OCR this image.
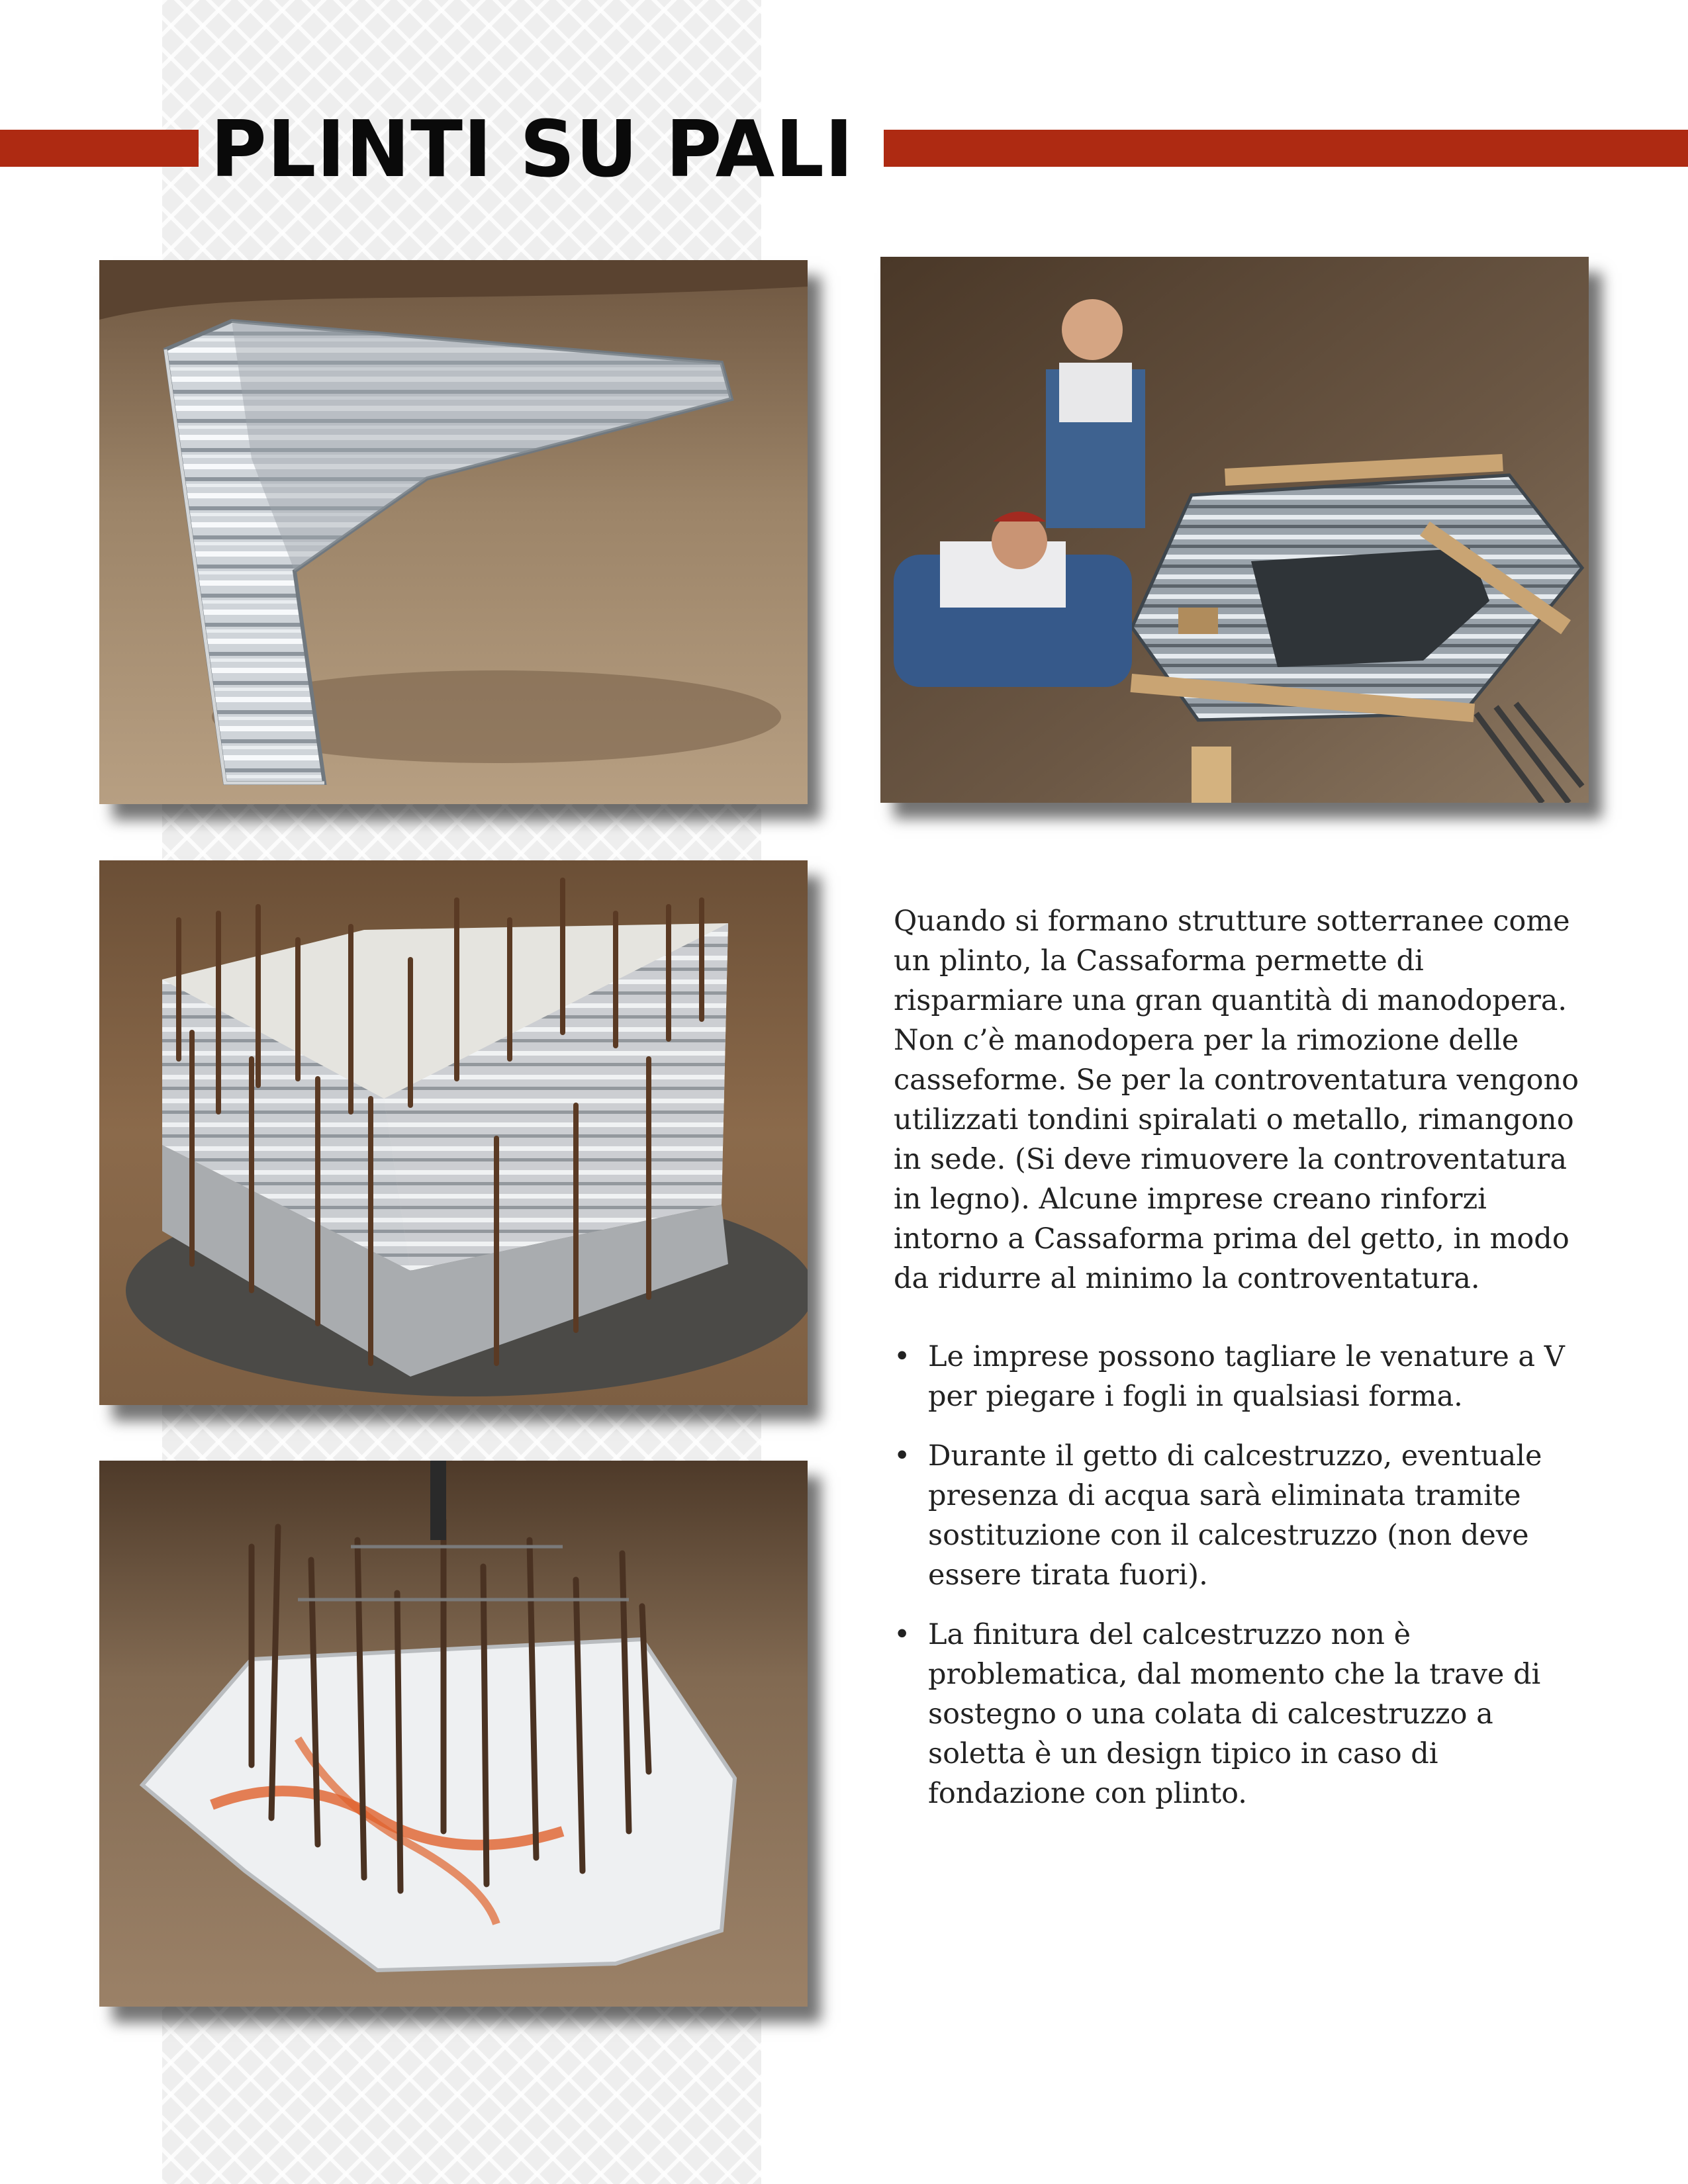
PLINTI SU PALI

Quando si formano strutture sotterranee come un plinto, la Cassaforma permette di risparmiare una gran quantità di manodopera. Non c’è manodopera per la rimozione delle casseforme. Se per la controventatura vengono utilizzati tondini spiralati o metallo, rimangono in sede. (Si deve rimuovere la controventatura in legno). Alcune imprese creano rinforzi intorno a Cassaforma prima del getto, in modo da ridurre al minimo la controventatura.

• Le imprese possono tagliare le venature a V per piegare i fogli in qualsiasi forma.
• Durante il getto di calcestruzzo, eventuale presenza di acqua sarà eliminata tramite sostituzione con il calcestruzzo (non deve essere tirata fuori).
• La finitura del calcestruzzo non è problematica, dal momento che la trave di sostegno o una colata di calcestruzzo a soletta è un design tipico in caso di fondazione con plinto.
